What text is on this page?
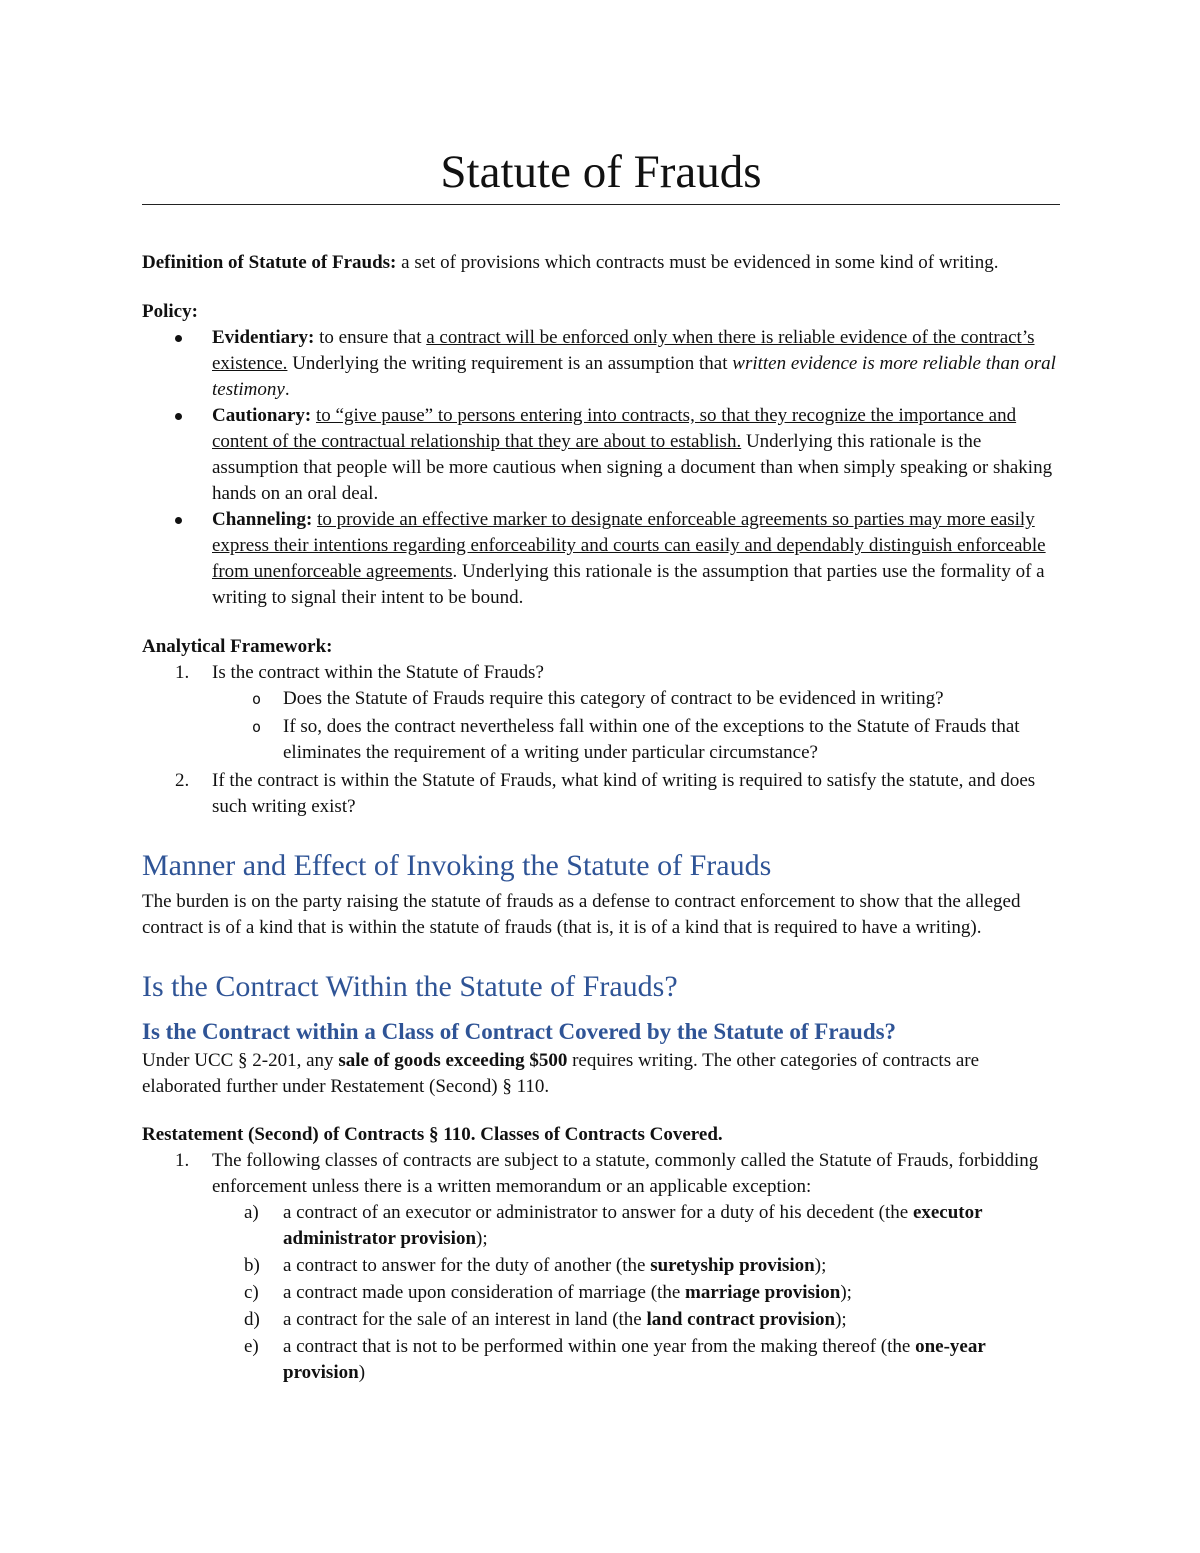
Statute of Frauds

Definition of Statute of Frauds: a set of provisions which contracts must be evidenced in some kind of writing.

Policy:

Evidentiary: to ensure that a contract will be enforced only when there is reliable evidence of the contract’s existence. Underlying the writing requirement is an assumption that written evidence is more reliable than oral testimony.
Cautionary: to “give pause” to persons entering into contracts, so that they recognize the importance and content of the contractual relationship that they are about to establish. Underlying this rationale is the assumption that people will be more cautious when signing a document than when simply speaking or shaking hands on an oral deal.
Channeling: to provide an effective marker to designate enforceable agreements so parties may more easily express their intentions regarding enforceability and courts can easily and dependably distinguish enforceable from unenforceable agreements. Underlying this rationale is the assumption that parties use the formality of a writing to signal their intent to be bound.

Analytical Framework:

1. Is the contract within the Statute of Frauds?
o Does the Statute of Frauds require this category of contract to be evidenced in writing?
o If so, does the contract nevertheless fall within one of the exceptions to the Statute of Frauds that eliminates the requirement of a writing under particular circumstance?
2. If the contract is within the Statute of Frauds, what kind of writing is required to satisfy the statute, and does such writing exist?
Manner and Effect of Invoking the Statute of Frauds

The burden is on the party raising the statute of frauds as a defense to contract enforcement to show that the alleged contract is of a kind that is within the statute of frauds (that is, it is of a kind that is required to have a writing).

Is the Contract Within the Statute of Frauds?
Is the Contract within a Class of Contract Covered by the Statute of Frauds?

Under UCC § 2-201, any sale of goods exceeding $500 requires writing. The other categories of contracts are elaborated further under Restatement (Second) § 110.

Restatement (Second) of Contracts § 110. Classes of Contracts Covered.

1. The following classes of contracts are subject to a statute, commonly called the Statute of Frauds, forbidding enforcement unless there is a written memorandum or an applicable exception:
a) a contract of an executor or administrator to answer for a duty of his decedent (the executor administrator provision);
b) a contract to answer for the duty of another (the suretyship provision);
c) a contract made upon consideration of marriage (the marriage provision);
d) a contract for the sale of an interest in land (the land contract provision);
e) a contract that is not to be performed within one year from the making thereof (the one-year provision)
